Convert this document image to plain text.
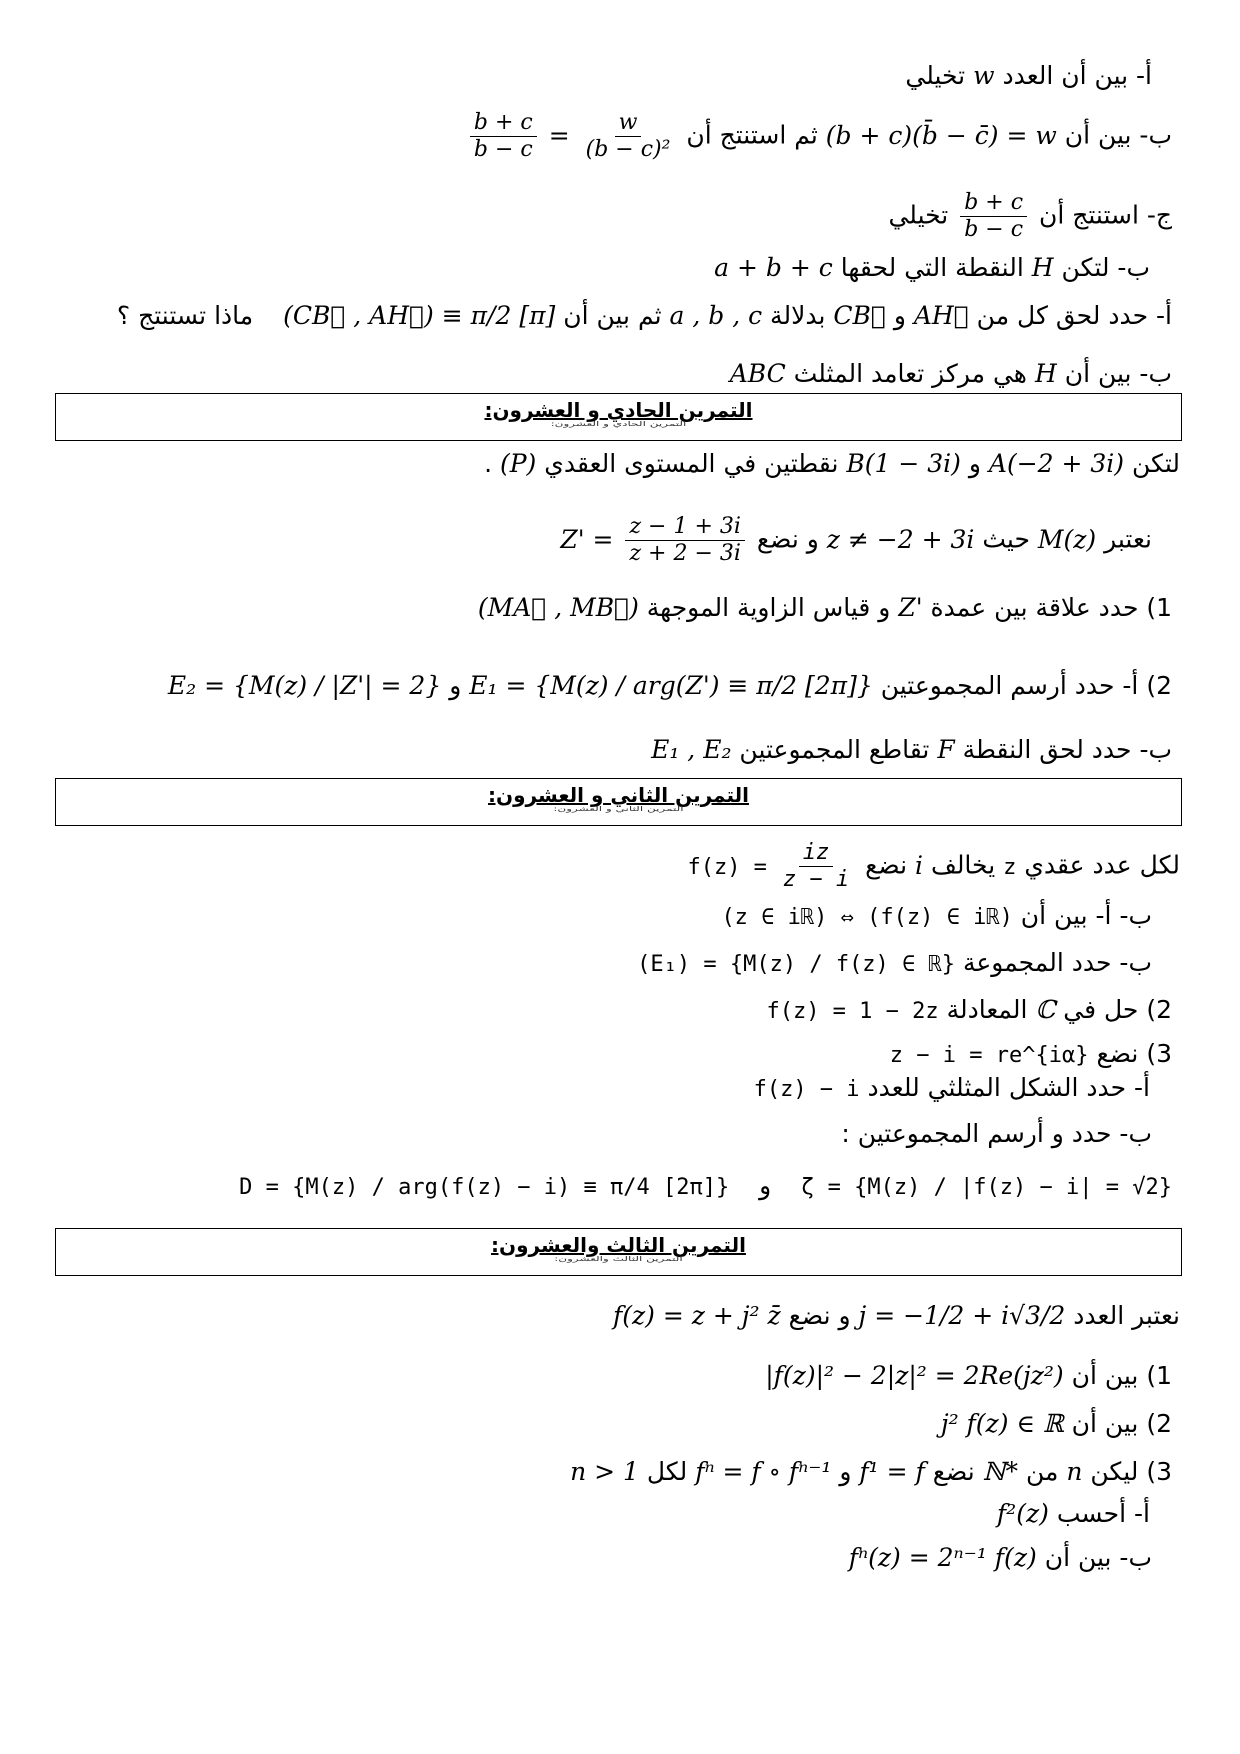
أ- بين أن العدد w تخيلي
ب- بين أن (b + c)(b̄ − c̄) = w ثم استنتج أن
$\frac{b + c}{b - c} = \frac{w}{\text{(b − c)²}}$
ج- استنتج أن
$\frac{b + c}{b - c}$
تخيلي
ب- لتكن H النقطة التي لحقها a + b + c
أ- حدد لحق كل من AH⃗ و CB⃗ بدلالة a , b , c ثم بين أن (CB⃗ , AH⃗) ≡ π/2 [π]  ماذا تستنتج ؟
ب- بين أن H هي مركز تعامد المثلث ABC
التمرين الحادي و العشرون:
التمرين الحادي و العشرون:
لتكن A(−2 + 3i) و B(1 − 3i) نقطتين في المستوى العقدي (P) .
نعتبر M(z) حيث z ≠ −2 + 3i و نضع $Z' = \frac{z - 1 + 3i}{z + 2 - 3i}$
1) حدد علاقة بين عمدة Z' و قياس الزاوية الموجهة (MA⃗ , MB⃗)
2) أ- حدد أرسم المجموعتين E₁ = {M(z) / arg(Z') ≡ π/2 [2π]} و E₂ = {M(z) / |Z'| = 2}
ب- حدد لحق النقطة F تقاطع المجموعتين E₁ , E₂
التمرين الثاني و العشرون:
التمرين الثاني و العشرون:
لكل عدد عقدي z يخالف i نضع $f(z) = \frac{iz}{z - i}$
ب- أ- بين أن (z ∈ iℝ) ⇔ (f(z) ∈ iℝ)
ب- حدد المجموعة (E₁) = {M(z) / f(z) ∈ ℝ}
2) حل في ℂ المعادلة f(z) = 1 − 2z
3) نضع z − i = re^{iα}
أ- حدد الشكل المثلثي للعدد f(z) − i
ب- حدد و أرسم المجموعتين :
ζ = {M(z) / |f(z) − i| = √2}  و  D = {M(z) / arg(f(z) − i) ≡ π/4 [2π]}
التمرين الثالث والعشرون:
التمرين الثالث والعشرون:
نعتبر العدد j = −1/2 + i√3/2 و نضع f(z) = z + j² z̄
1) بين أن |f(z)|² − 2|z|² = 2Re(jz²)
2) بين أن j² f(z) ∈ ℝ
3) ليكن n من ℕ* نضع f¹ = f و fⁿ = f ∘ fⁿ⁻¹ لكل n > 1
أ- أحسب f²(z)
ب- بين أن fⁿ(z) = 2ⁿ⁻¹ f(z)
